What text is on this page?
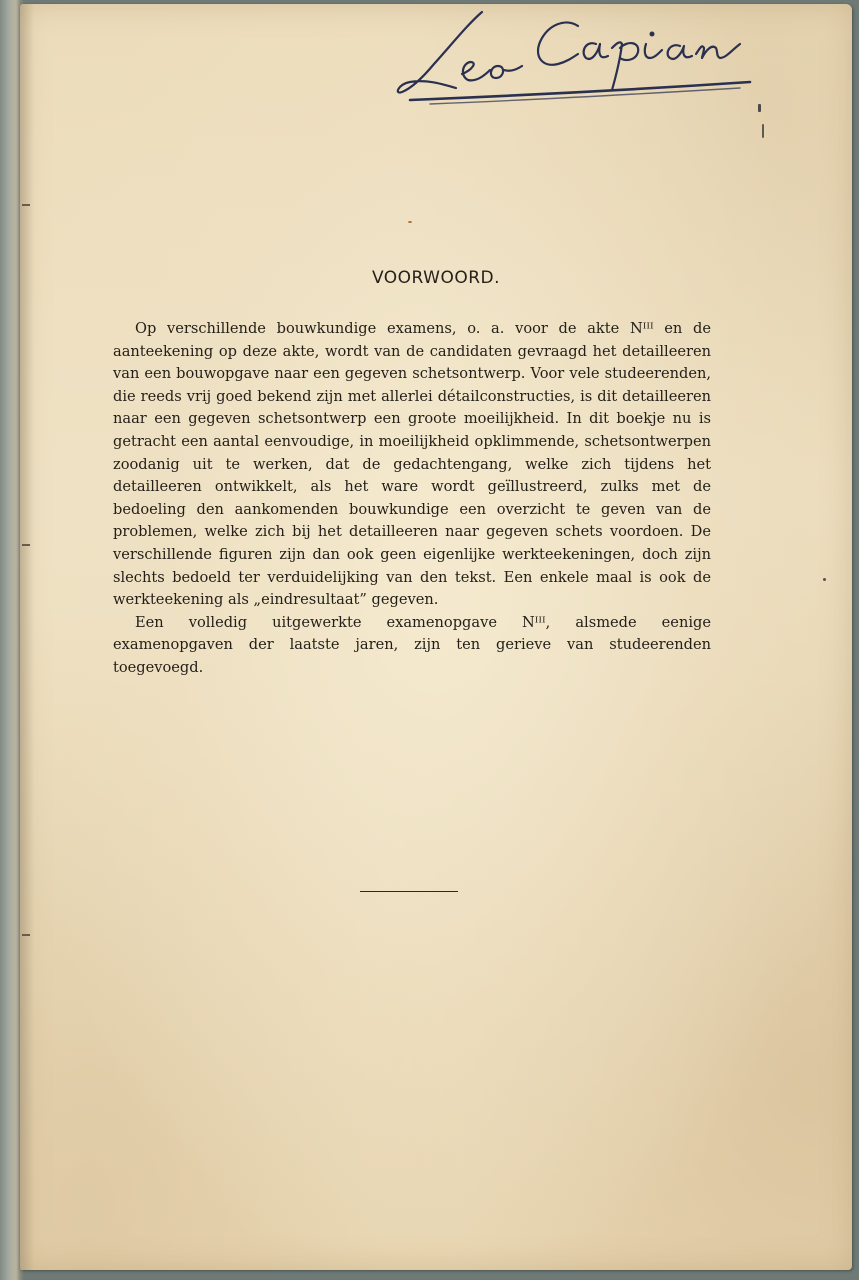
VOORWOORD.

Op verschillende bouwkundige examens, o. a. voor de akte Nᴵᴵᴵ en de aanteekening op deze akte, wordt van de candidaten gevraagd het detailleeren van een bouwopgave naar een gegeven schetsontwerp. Voor vele studeerenden, die reeds vrij goed bekend zijn met allerlei détailconstructies, is dit detailleeren naar een gegeven schetsontwerp een groote moeilijkheid. In dit boekje nu is getracht een aantal eenvoudige, in moeilijkheid opklimmende, schetsontwerpen zoodanig uit te werken, dat de gedachtengang, welke zich tijdens het detailleeren ontwikkelt, als het ware wordt geïllustreerd, zulks met de bedoeling den aankomenden bouwkundige een overzicht te geven van de problemen, welke zich bij het detailleeren naar gegeven schets voordoen. De verschillende figuren zijn dan ook geen eigenlijke werkteekeningen, doch zijn slechts bedoeld ter verduidelijking van den tekst. Een enkele maal is ook de werkteekening als „eindresultaat” gegeven.

Een volledig uitgewerkte examenopgave Nᴵᴵᴵ, alsmede eenige examenopgaven der laatste jaren, zijn ten gerieve van studeerenden toegevoegd.
